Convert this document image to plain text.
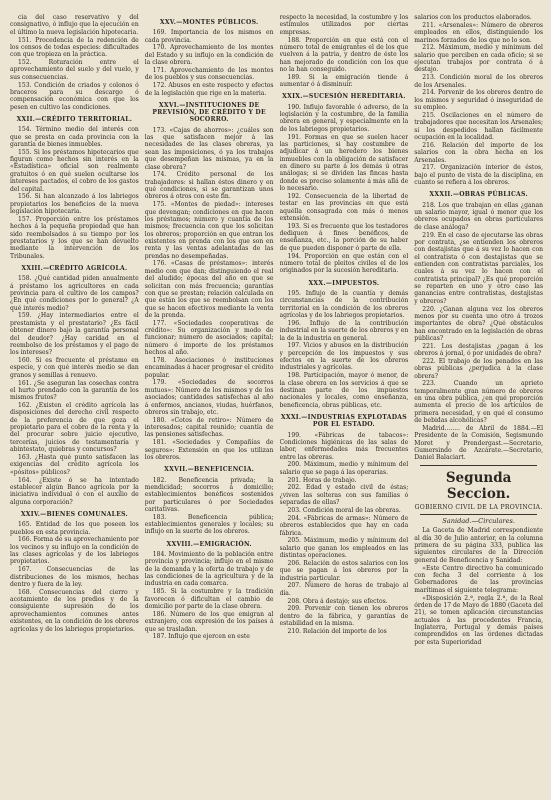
cia del caso reservativo y del consignativo, ó influjo que la ejecución en el último la nueva legislación hipotecaria.

151. Procedencia de la redención de los censos de todas especies: dificultades con que tropieza en la práctica.

152. Roturación entre el aprovechamiento del suelo y del vuelo, y sus consecuencias.

153. Condición de criados y colonos ó braceros para su descargo ó compensación económica con que los pesen en cultivo las condiciones.

XXII.—CRÉDITO TERRITORIAL.

154. Término medio del interés con que se presta en cada provincia con la garantía de bienes inmuebles.

155. Si los préstamos hipotecarios que figuran como hechos sin interés en la «Estadística» oficial son realmente gratuitos ó en qué suelen ocultarse los intereses pactados, el cobro de los gastos del capital.

156. Si han alcanzado á los labriegos propietarios los beneficios de la nueva legislación hipotecaria.

157. Proporción entre los préstamos hechos á la pequeña propiedad que han sido reembolsados á su tiempo por los prestatarios y los que se han devuelto mediante la intervención de los Tribunales.

XXIII.—CRÉDITO AGRÍCOLA.

158. ¿Qué cantidad piden anualmente á préstamo los agricultores en cada provincia para el cultivo de los campos? ¿En qué condiciones por lo general? ¿A qué interés medio?

159. ¿Hay intermediarios entre el prestamista y el prestatario? ¿Es fácil obtener dinero bajo la garantía personal del deudor? ¿Hay caridad en el reembolso de los préstamos y el pago de los intereses?

160. Si es frecuente el préstamo en especie, y con qué interés medio se dan granos y semillas á renuevo.

161. ¿Se aseguran las cosechas contra el hurto prendado con la garantía de los mismos frutos?

162. ¿Existen el crédito agrícola las disposiciones del derecho civil respecto de la preferencia de que goza el propietario para el cobro de la renta y la del procurar sobre juicio ejecutivo, tercerías, juicios de testamentaría y abintestato, quiebras y concursos?

163. ¿Hasta qué punto satisfacen las exigencias del crédito agrícola los «pósitos» públicos?

164. ¿Existe ó se ha intentado establecer algún Banco agrícola por la iniciativa individual ó con el auxilio de alguna corporación?

XXIV.—BIENES COMUNALES.

165. Entidad de los que poseen los pueblos en esta provincia.

166. Forma de su aprovechamiento por los vecinos y su influjo en la condición de las clases agrícolas y de los labriegos propietarios.

167. Consecuencias de las distribuciones de los mismos, hechas dentro y fuera de la ley.

168. Consecuencias del cierro y acotamiento de los predios y de la consiguiente supresión de los aprovechamientos comunes antes existentes, en la condición de los obreros agrícolas y de los labriegos propietarios.

XXV.—MONTES PÚBLICOS.

169. Importancia de los mismos en cada provincia.

170. Aprovechamiento de los montes del Estado y su influjo en la condición de la clase obrera.

171. Aprovechamiento de los montes de los pueblos y sus consecuencias.

172. Abusos en este respecto y efectos de la legislación que rige en la materia.

XXVI.—INSTITUCIONES DE PREVISIÓN, DE CRÉDITO Y DE SOCORRO.

173. «Cajas de ahorros»: ¿cuáles son las que satisfacen mejor á las necesidades de las clases obreras, ya sean las imposiciones, ó ya los trabajos que desempeñan las mismas, ya en la clase obrera?

174. Crédito personal de los trabajadores: si hallan éstos dinero y en qué condiciones, si se garantizan unos obreros á otros con este fin.

175. «Montes de piedad»: intereses que devengan; condiciones en que hacen los préstamos; número y cuantía de los mismos; frecuencia con que los solicitan los obreros; proporción en que entran los existentes en prenda con los que son en renta y las ventas adelantadas de las prendas no desempeñadas.

176. «Casas de préstamos»: interés medio con que dan; distinguiendo el real del aludido; épocas del año en que se solicitan con más frecuencia; garantías con que se prestan; relación calculada en que están los que se reembolsan con los que se hacen efectivos mediante la venta de la prenda.

177. «Sociedades cooperativas de crédito»: Su organización y modo de funcionar; número de asociados; capital; número é importe de los préstamos hechos al año.

178. Asociaciones ó instituciones encaminadas á hacer progresar el crédito popular.

179. «Sociedades de socorros mutuos»: Número de los mismos y de los asociados; cantidades satisfechas al año á enfermos, ancianos, viudas, huérfanos, obreros sin trabajo, etc.

180. «Cotos de retiro»: Número de interesados; capital reunido; cuantía de las pensiones satisfechas.

181. «Sociedades y Compañías de seguros»: Extensión en que los utilizan los obreros.

XXVII.—BENEFICENCIA.

182. Beneficencia privada; la mendicidad; socorros á domicilio; establecimientos benéficos sostenidos por particulares ó por Sociedades caritativas.

183. Beneficencia pública; establecimientos generales y locales; su influjo en la suerte de los obreros.

XXVIII.—EMIGRACIÓN.

184. Movimiento de la población entre provincia y provincia; influjo en el mismo de la demanda y la oferta de trabajo y de las condiciones de la agricultura y de la industria en cada comarca.

185. Si la costumbre y la tradición favorecen ó dificultan el cambio de domicilio por parte de la clase obrera.

186. Número de los que emigran al extranjero, con expresión de los países á que se trasladan.

187. Influjo que ejercen en este

respecto la necesidad, la costumbre y los estímulos utilizados por ciertas empresas.

188. Proporción en que está con el número total de emigrantes el de los que vuelven á la patria, y dentro de éste los han mejorado de condición con los que no la han conseguido.

189. Si la emigración tiende á aumentar ó á disminuir.

XXIX.—SUCESIÓN HEREDITARIA.

190. Influjo favorable ó adverso, de la legislación y la costumbre, de la familia obrera en general, y especialmente en la de los labriegos propietarios.

191. Formas en que se suelen hacer las particiones, si hay costumbre de adjudicar á un heredero los bienes inmuebles con la obligación de satisfacer en dinero su parte á los demás ú otras análogas; si se dividen las fincas hasta donde es preciso solamente á más allá de lo necesario.

192. Consecuencia de la libertad de testar en las provincias en que está aquélla consagrada con más ó menos extensión.

193. Si es frecuente que los testadores dediquen á fines benéficos, de enseñanza, etc., la porción de su haber de que pueden disponer ó parte de ella.

194. Proporción en que están con el número total de pleitos civiles el de los originados por la sucesión hereditaria.

XXX.—IMPUESTOS.

195. Influjo de la cuantía y demás circunstancias de la contribución territorial en la condición de los obreros agrícolas y de los labriegos propietarios.

196. Influjo de la contribución industrial en la suerte de los obreros y en la de la industria en general.

197. Vicios y abusos en la distribución y percepción de los impuestos y sus efectos en la suerte de los obreros industriales y agrícolas.

198. Participación, mayor ó menor, de la clase obrera en los servicios á que se destinan parte de los impuestos nacionales y locales, como enseñanza, beneficencia, obras públicas, etc.

XXXI.—INDUSTRIAS EXPLOTADAS POR EL ESTADO.

199. «Fábricas de tabacos»: Condiciones higiénicas de las salas de labor, enfermedades más frecuentes entre las obreras.

200. Máximum, medio y mínimum del salario que se paga á las operarias.

201. Horas de trabajo.

202. Edad y estado civil de éstas; ¿viven las solteras con sus familias ó separadas de ellas?

203. Condición moral de las obreras.

204. «Fábricas de armas»: Número de obreros establecidos que hay en cada fábrica.

205. Máximum, medio y mínimum del salario que ganan los empleados en las distintas operaciones.

206. Relación de estos salarios con los que se pagan á los obreros por la industria particular.

207. Número de horas de trabajo al día.

208. Obra á destajo; sus efectos.

209. Porvenir con tienen los obreros dentro de la fábrica, y garantías de estabilidad en la misma.

210. Relación del importe de los

salarios con los productos elaborados.

211. «Arsenales»: Número de obreros empleados en ellos, distinguiendo los marinos forzados de los que no lo son.

212. Máximum, medio y mínimum del salario que perciben en cada oficio; si se ejecutan trabajos por contrata ó á destajo.

213. Condición moral de los obreros de los Arsenales.

214. Porvenir de los obreros dentro de los mismos y seguridad ó inseguridad de su empleo.

215. Oscilaciones en el número de trabajadores que necesitan los Arsenales; si los despedidos hallan fácilmente ocupación en la localidad.

216. Relación del importe de los salarios con la obra hecha en los Arsenales.

217. Organización interior de éstos, bajo el punto de vista de la disciplina, en cuanto se refiera á los obreros.

XXXII.—OBRAS PÚBLICAS.

218. Los que trabajan en ellas ¿ganan un salario mayor, igual ó menor que los obreros ocupados en obras particulares de clase análoga?

219. En el caso de ejecutarse las obras por contrata, ¿se entienden los obreros con destajistas que á su vez lo hacen con el contratista ó con destajistas que se entienden con contratistas parciales, los cuales á su vez lo hacen con el contratista principal? ¿Es qué proporción se reparten en uno y otro caso las ganancias entre contratistas, destajistas y obreros?

220. ¿Ganan alguna vez los obreros menos por su cuenta uno otro á trozos importantes de obra? ¿Qué obstáculos han encontrado en la legislación de obras públicas?

221. Los destajistas ¿pagan á los obreros á jornal, ó por unidades de obra?

222. El trabajo de los penados en las obras públicas ¿perjudica á la clase obrera?

223. Cuando un aprieto temporalmente gran número de obreros en una obra pública, ¿en qué proporción aumenta el precio de los artículos de primera necesidad, y en qué el consumo de bebidas alcohólicas?

Madrid........ de Abril de 1884.—El Presidente de la Comisión, Segismundo Moret y Prendergast.—Secretario, Gumersindo de Azcárate.—Secretario, Daniel Balaciart.

Segunda Seccion.
GOBIERNO CIVIL DE LA PROVINCIA.
Sanidad.—Circulares.

La Gaceta de Madrid correspondiente al día 30 de Julio anterior, en la columna primera de su página 333, publica las siguientes circulares de la Dirección general de Beneficencia y Sanidad:

«Este Centro directivo ha comunicado con fecha 3 del corriente á los Gobernadores de las provincias marítimas el siguiente telegrama:

«Disposición 2.ª, regla 2.ª, de la Real órden de 17 de Mayo de 1880 (Gaceta del 21), se tomen aplicación circunstancias actuales á las procedentes Francia, Inglaterra, Portugal y demás países comprendidos en las órdenes dictadas por esta Superioridad
